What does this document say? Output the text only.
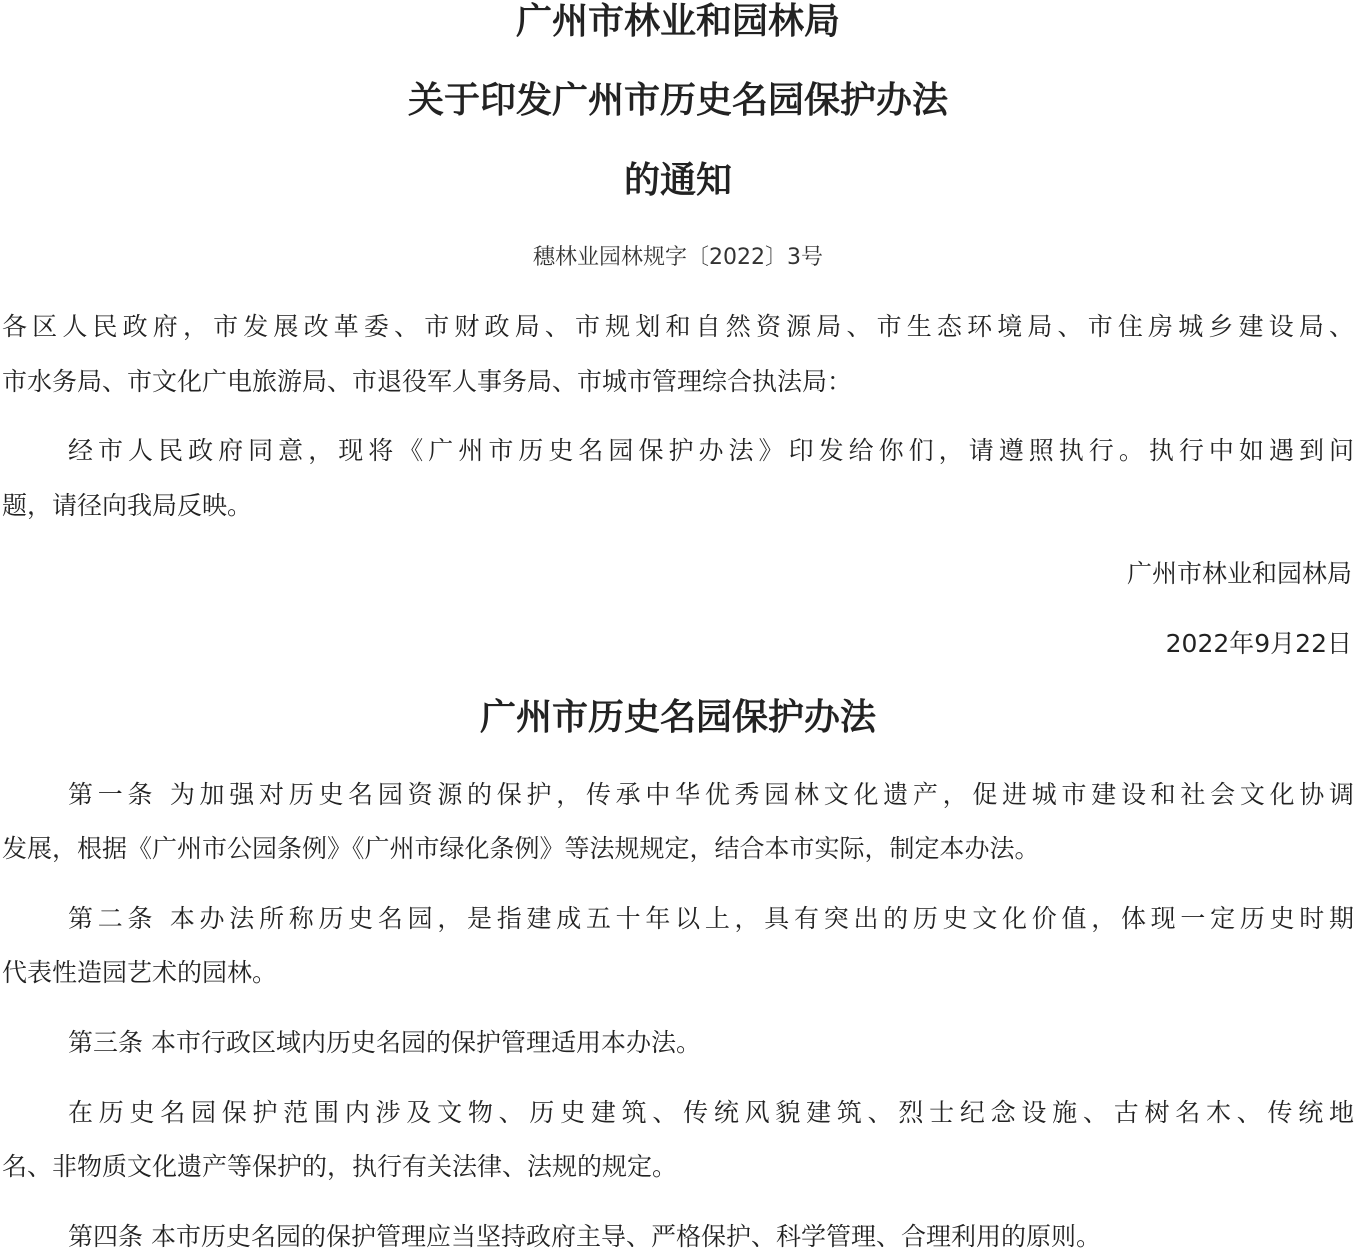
广州市林业和园林局
关于印发广州市历史名园保护办法
的通知
穗林业园林规字〔2022〕3号
各区人民政府，市发展改革委、市财政局、市规划和自然资源局、市生态环境局、市住房城乡建设局、
市水务局、市文化广电旅游局、市退役军人事务局、市城市管理综合执法局：
经市人民政府同意，现将《广州市历史名园保护办法》印发给你们，请遵照执行。执行中如遇到问
题，请径向我局反映。
广州市林业和园林局
2022年9月22日
广州市历史名园保护办法
第一条 为加强对历史名园资源的保护，传承中华优秀园林文化遗产，促进城市建设和社会文化协调
发展，根据《广州市公园条例》《广州市绿化条例》等法规规定，结合本市实际，制定本办法。
第二条 本办法所称历史名园，是指建成五十年以上，具有突出的历史文化价值，体现一定历史时期
代表性造园艺术的园林。
第三条 本市行政区域内历史名园的保护管理适用本办法。
在历史名园保护范围内涉及文物、历史建筑、传统风貌建筑、烈士纪念设施、古树名木、传统地
名、非物质文化遗产等保护的，执行有关法律、法规的规定。
第四条 本市历史名园的保护管理应当坚持政府主导、严格保护、科学管理、合理利用的原则。
